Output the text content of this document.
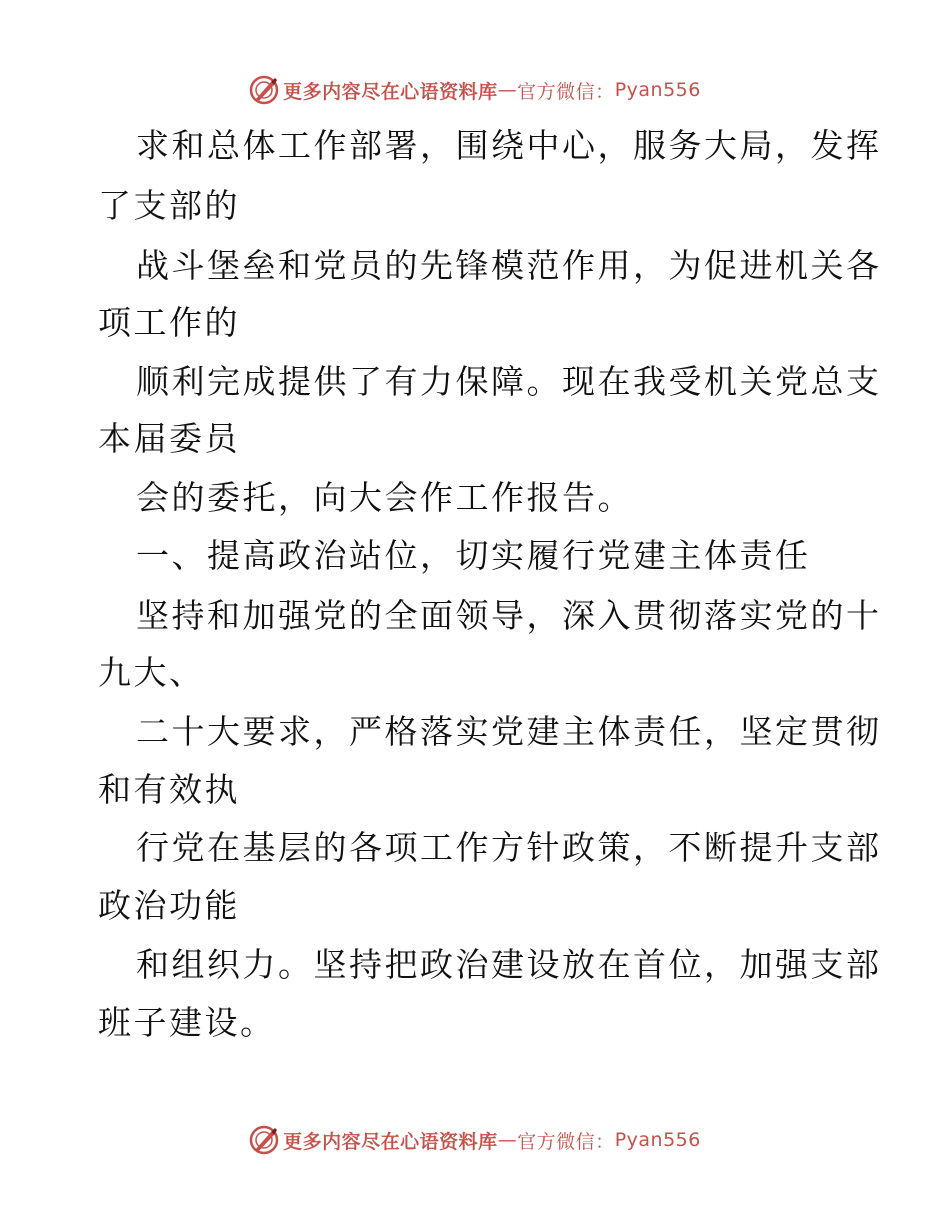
更多内容尽在心语资料库 — 官方微信： Pyan556
求和总体工作部署，围绕中心，服务大局，发挥
了支部的
战斗堡垒和党员的先锋模范作用，为促进机关各
项工作的
顺利完成提供了有力保障。现在我受机关党总支
本届委员
会的委托，向大会作工作报告。
一、提高政治站位，切实履行党建主体责任
坚持和加强党的全面领导，深入贯彻落实党的十
九大、
二十大要求，严格落实党建主体责任，坚定贯彻
和有效执
行党在基层的各项工作方针政策，不断提升支部
政治功能
和组织力。坚持把政治建设放在首位，加强支部
班子建设。
更多内容尽在心语资料库 — 官方微信： Pyan556
